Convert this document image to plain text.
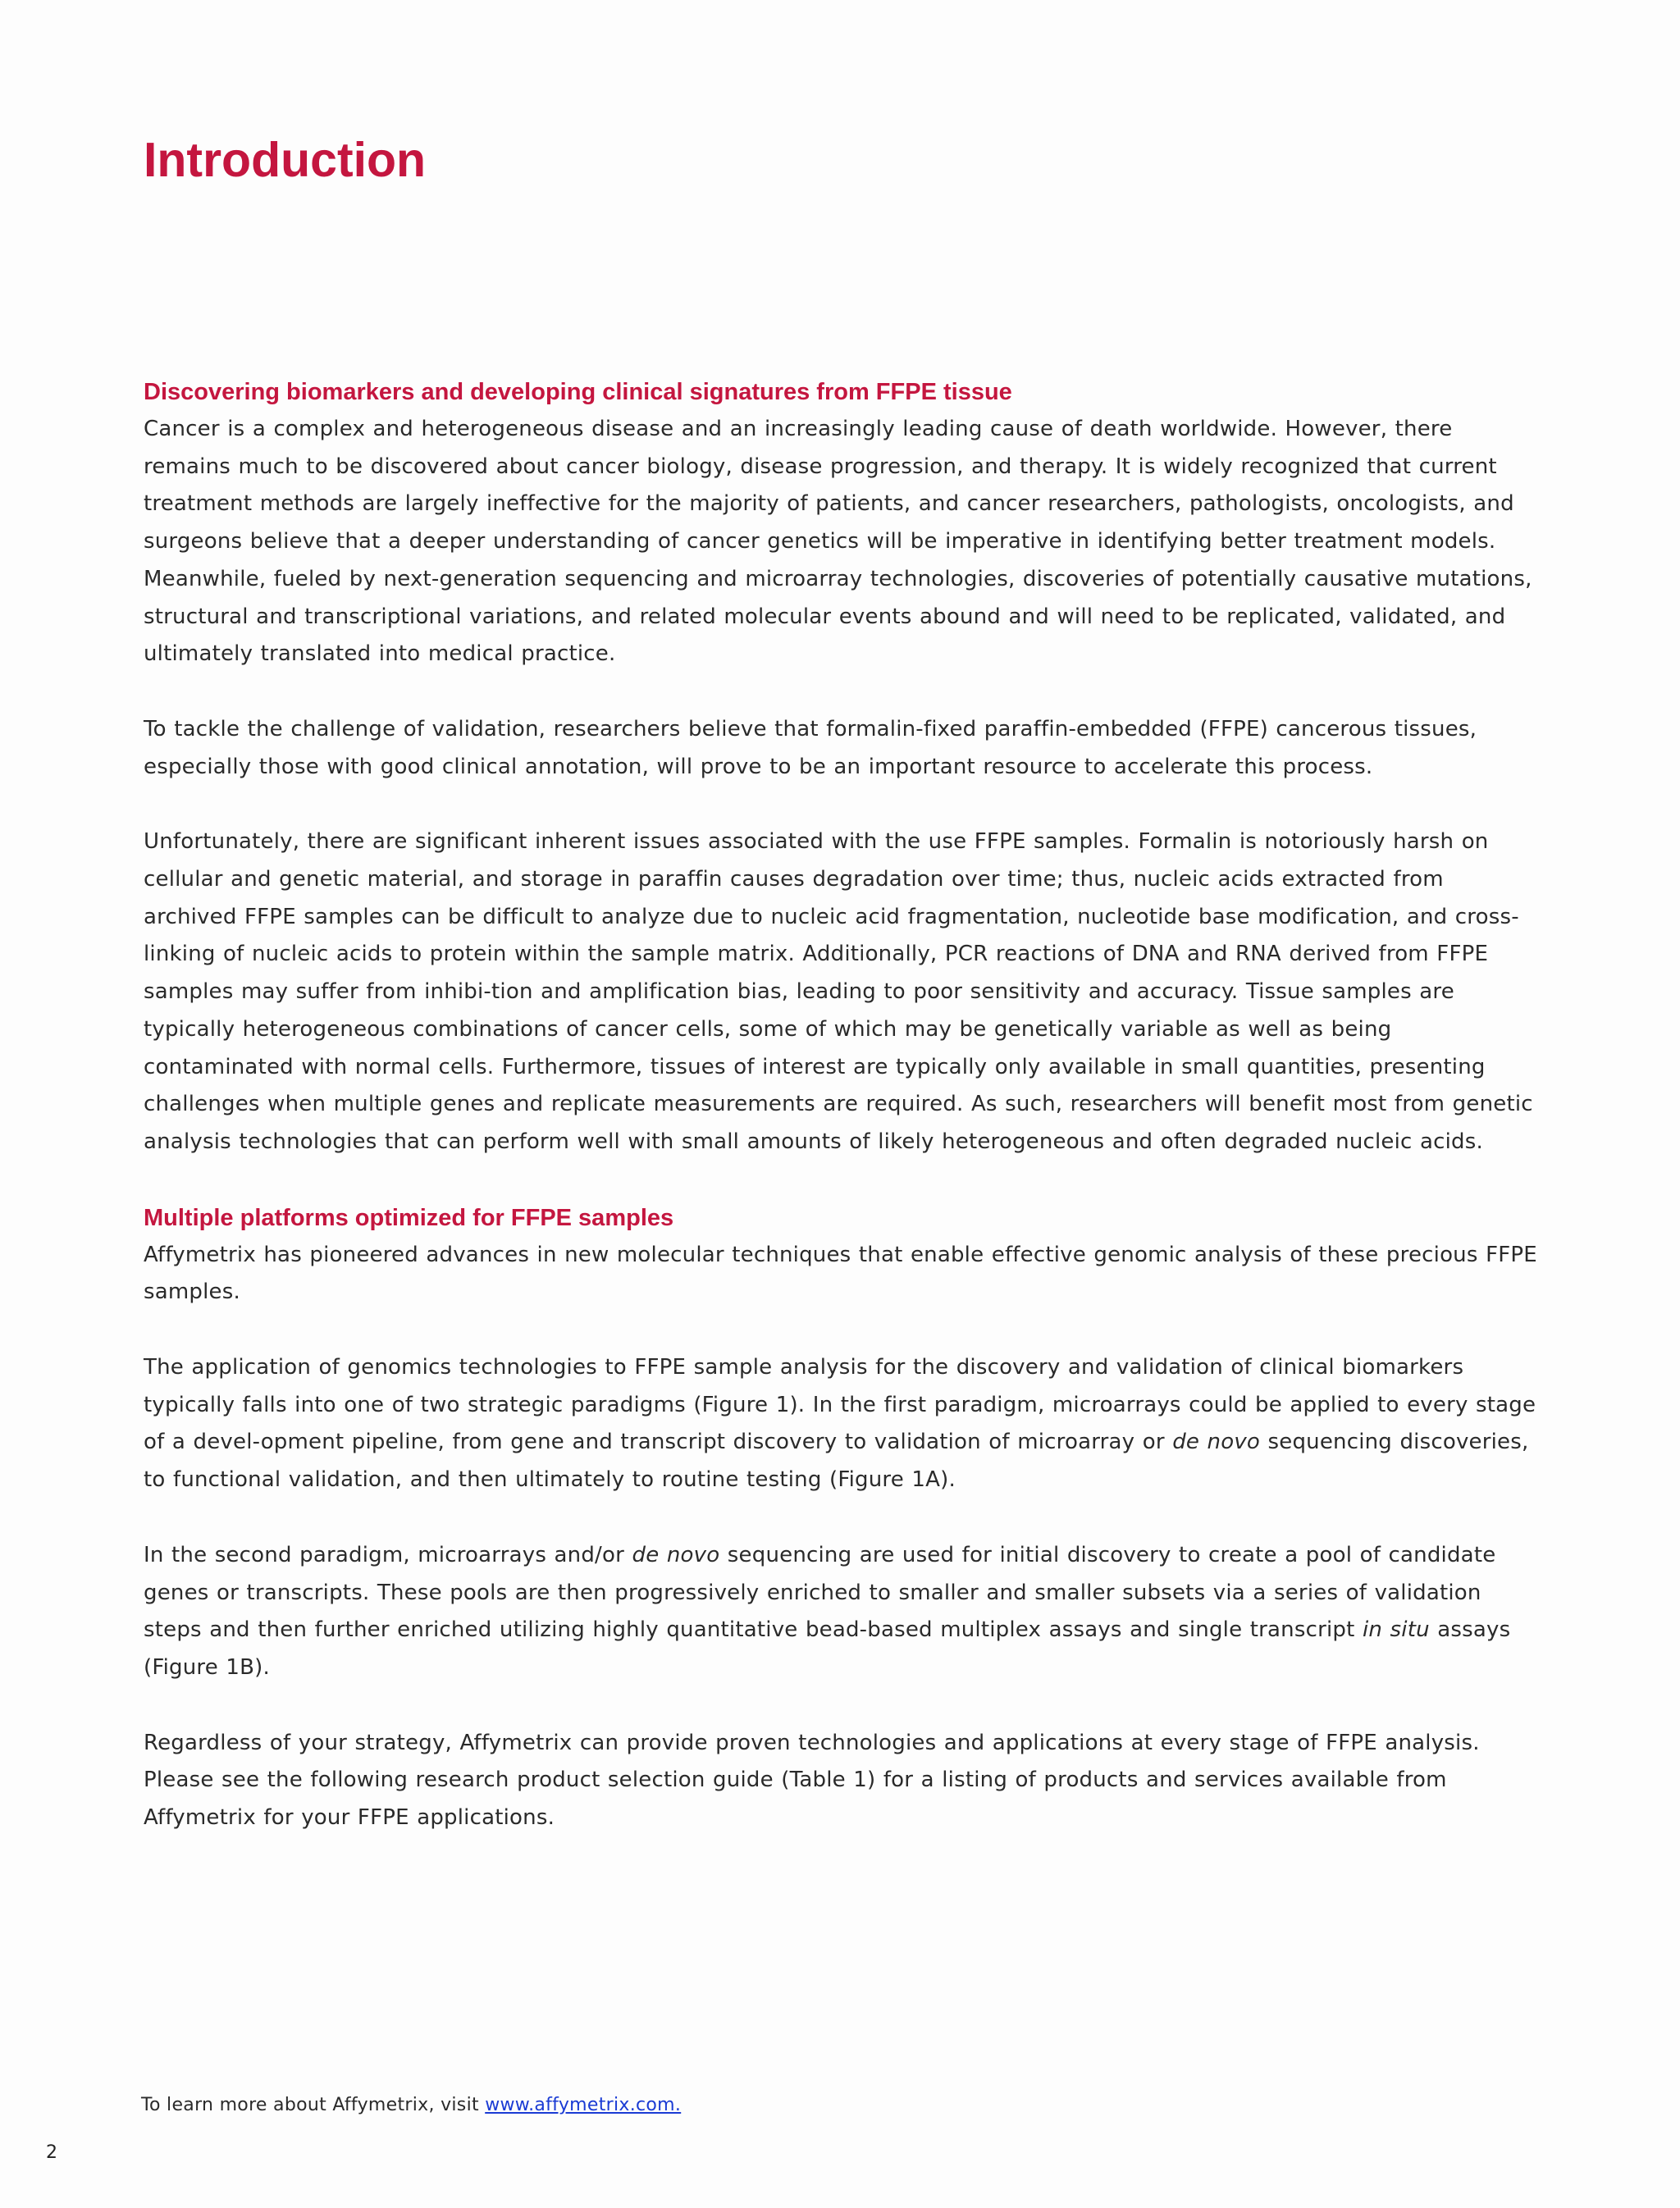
Introduction
Discovering biomarkers and developing clinical signatures from FFPE tissue

Cancer is a complex and heterogeneous disease and an increasingly leading cause of death worldwide. However, there remains much to be discovered about cancer biology, disease progression, and therapy. It is widely recognized that current treatment methods are largely ineffective for the majority of patients, and cancer researchers, pathologists, oncologists, and surgeons believe that a deeper understanding of cancer genetics will be imperative in identifying better treatment models. Meanwhile, fueled by next-generation sequencing and microarray technologies, discoveries of potentially causative mutations, structural and transcriptional variations, and related molecular events abound and will need to be replicated, validated, and ultimately translated into medical practice.

To tackle the challenge of validation, researchers believe that formalin-fixed paraffin-embedded (FFPE) cancerous tissues, especially those with good clinical annotation, will prove to be an important resource to accelerate this process.

Unfortunately, there are significant inherent issues associated with the use FFPE samples. Formalin is notoriously harsh on cellular and genetic material, and storage in paraffin causes degradation over time; thus, nucleic acids extracted from archived FFPE samples can be difficult to analyze due to nucleic acid fragmentation, nucleotide base modification, and cross-linking of nucleic acids to protein within the sample matrix. Additionally, PCR reactions of DNA and RNA derived from FFPE samples may suffer from inhibi-tion and amplification bias, leading to poor sensitivity and accuracy. Tissue samples are typically heterogeneous combinations of cancer cells, some of which may be genetically variable as well as being contaminated with normal cells. Furthermore, tissues of interest are typically only available in small quantities, presenting challenges when multiple genes and replicate measurements are required. As such, researchers will benefit most from genetic analysis technologies that can perform well with small amounts of likely heterogeneous and often degraded nucleic acids.

Multiple platforms optimized for FFPE samples

Affymetrix has pioneered advances in new molecular techniques that enable effective genomic analysis of these precious FFPE samples.

The application of genomics technologies to FFPE sample analysis for the discovery and validation of clinical biomarkers typically falls into one of two strategic paradigms (Figure 1). In the first paradigm, microarrays could be applied to every stage of a devel-opment pipeline, from gene and transcript discovery to validation of microarray or de novo sequencing discoveries, to functional validation, and then ultimately to routine testing (Figure 1A).

In the second paradigm, microarrays and/or de novo sequencing are used for initial discovery to create a pool of candidate genes or transcripts. These pools are then progressively enriched to smaller and smaller subsets via a series of validation steps and then further enriched utilizing highly quantitative bead-based multiplex assays and single transcript in situ assays (Figure 1B).

Regardless of your strategy, Affymetrix can provide proven technologies and applications at every stage of FFPE analysis. Please see the following research product selection guide (Table 1) for a listing of products and services available from Affymetrix for your FFPE applications.

To learn more about Affymetrix, visit www.affymetrix.com.
2
